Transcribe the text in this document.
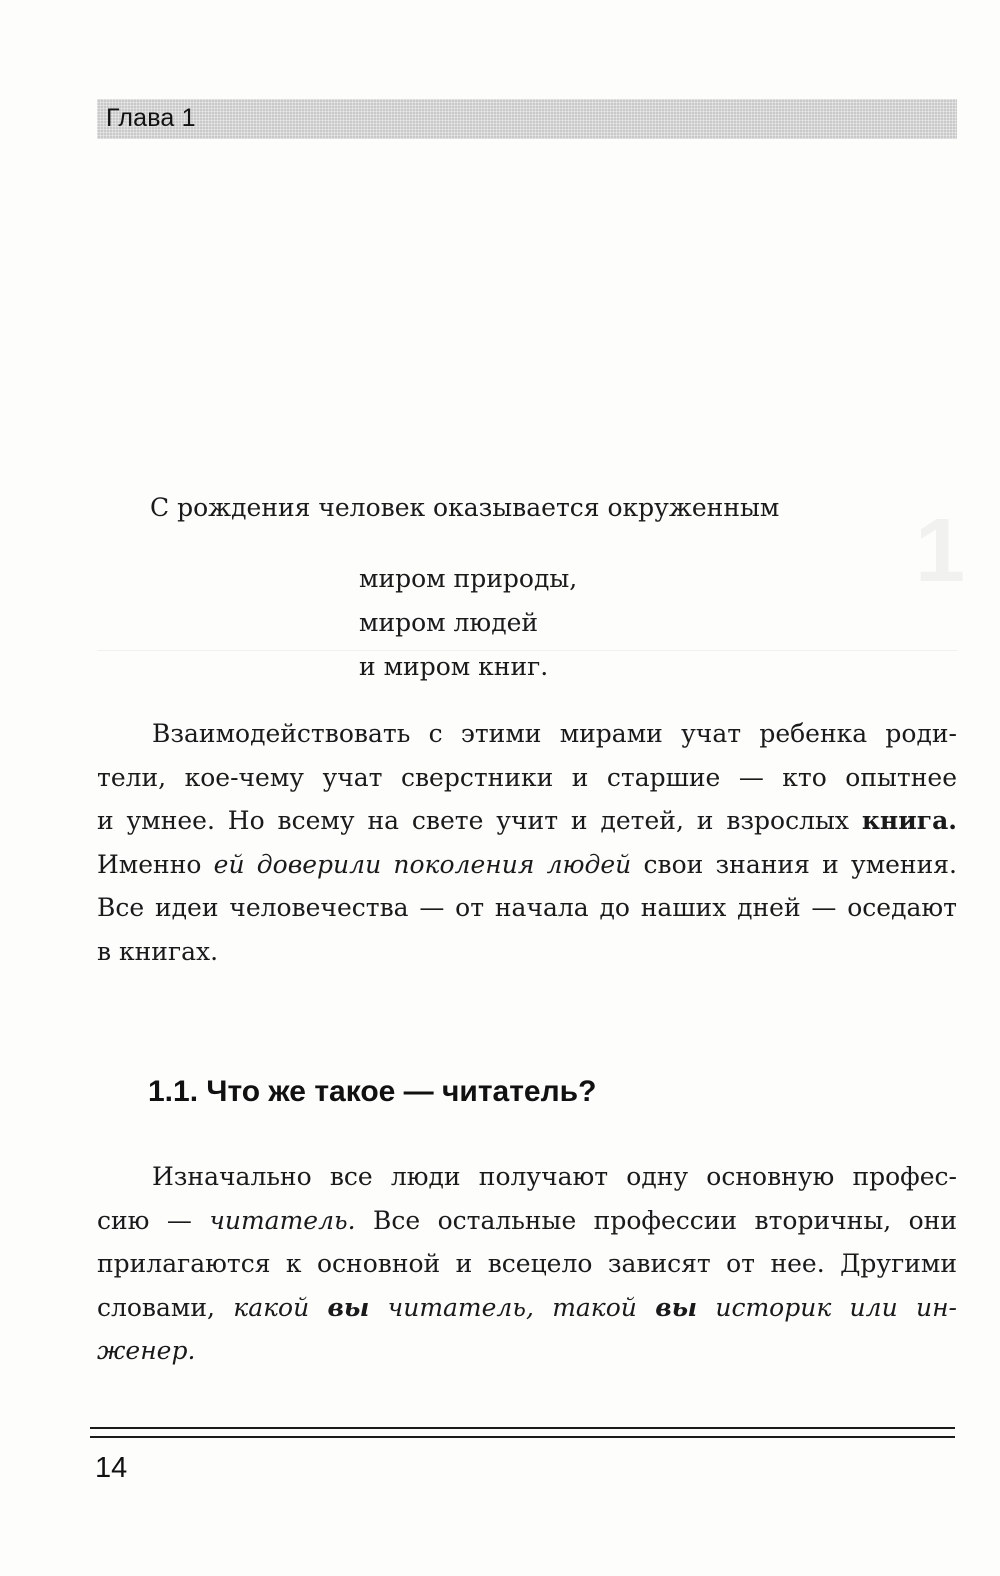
Глава 1
1
С рождения человек оказывается окруженным
миром природы,
миром людей
и миром книг.
Взаимодействовать с этими мирами учат ребенка роди-
тели, кое-чему учат сверстники и старшие — кто опытнее
и умнее. Но всему на свете учит и детей, и взрослых книга.
Именно ей доверили поколения людей свои знания и умения.
Все идеи человечества — от начала до наших дней — оседают
в книгах.
1.1. Что же такое — читатель?
Изначально все люди получают одну основную профес-
сию — читатель. Все остальные профессии вторичны, они
прилагаются к основной и всецело зависят от нее. Другими
словами, какой вы читатель, такой вы историк или ин-
женер.
14
